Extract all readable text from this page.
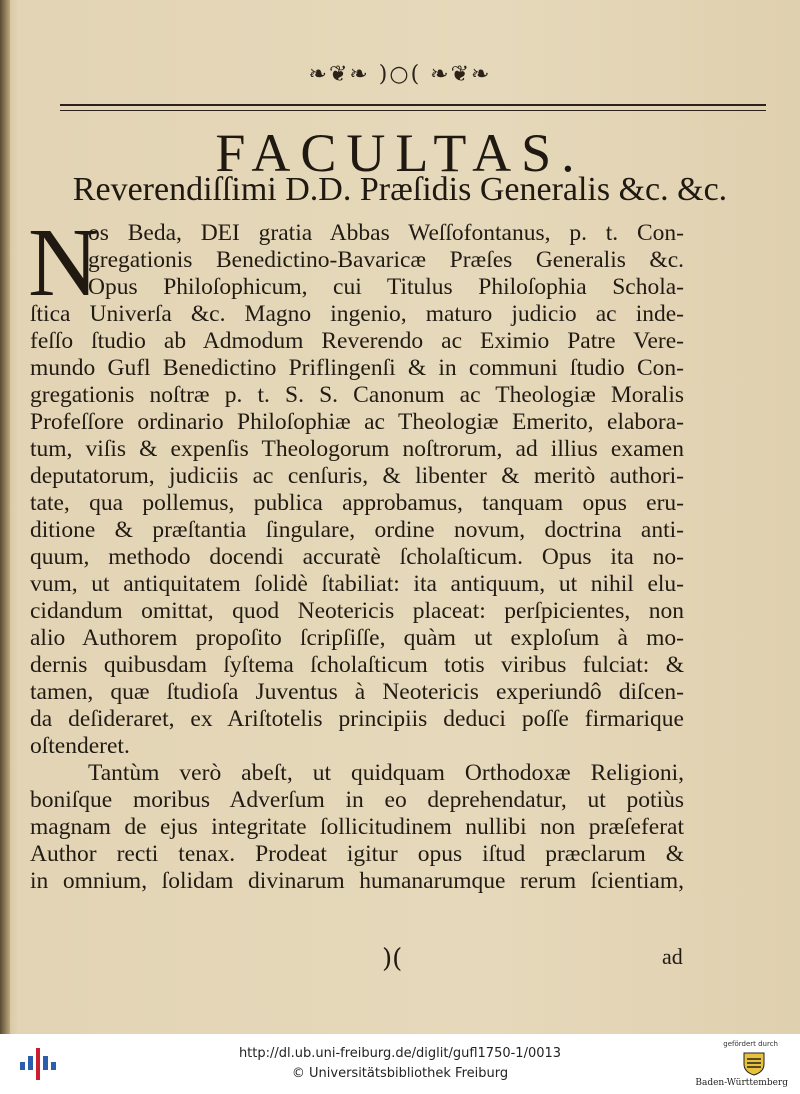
❧❦❧ )○( ❧❦❧
FACULTAS.
Reverendiſſimi D.D. Præſidis Generalis &c. &c.
N
os Beda, DEI gratia Abbas Weſſofontanus, p. t. Con-
gregationis Benedictino-Bavaricæ Præſes Generalis &c.
Opus Philoſophicum, cui Titulus Philoſophia Schola-
ſtica Univerſa &c. Magno ingenio, maturo judicio ac inde-
feſſo ſtudio ab Admodum Reverendo ac Eximio Patre Vere-
mundo Gufl Benedictino Priflingenſi & in communi ſtudio Con-
gregationis noſtræ p. t. S. S. Canonum ac Theologiæ Moralis
Profeſſore ordinario Philoſophiæ ac Theologiæ Emerito, elabora-
tum, viſis & expenſis Theologorum noſtrorum, ad illius examen
deputatorum, judiciis ac cenſuris, & libenter & meritò authori-
tate, qua pollemus, publica approbamus, tanquam opus eru-
ditione & præſtantia ſingulare, ordine novum, doctrina anti-
quum, methodo docendi accuratè ſcholaſticum. Opus ita no-
vum, ut antiquitatem ſolidè ſtabiliat: ita antiquum, ut nihil elu-
cidandum omittat, quod Neotericis placeat: perſpicientes, non
alio Authorem propoſito ſcripſiſſe, quàm ut exploſum à mo-
dernis quibusdam ſyſtema ſcholaſticum totis viribus fulciat: &
tamen, quæ ſtudioſa Juventus à Neotericis experiundô diſcen-
da deſideraret, ex Ariſtotelis principiis deduci poſſe firmarique
oſtenderet.
Tantùm verò abeſt, ut quidquam Orthodoxæ Religioni,
boniſque moribus Adverſum in eo deprehendatur, ut potiùs
magnam de ejus integritate ſollicitudinem nullibi non præſeferat
Author recti tenax. Prodeat igitur opus iſtud præclarum &
in omnium, ſolidam divinarum humanarumque rerum ſcientiam,
)(	ad
http://dl.ub.uni-freiburg.de/diglit/gufl1750-1/0013
© Universitätsbibliothek Freiburg
gefördert durch
Baden-Württemberg
